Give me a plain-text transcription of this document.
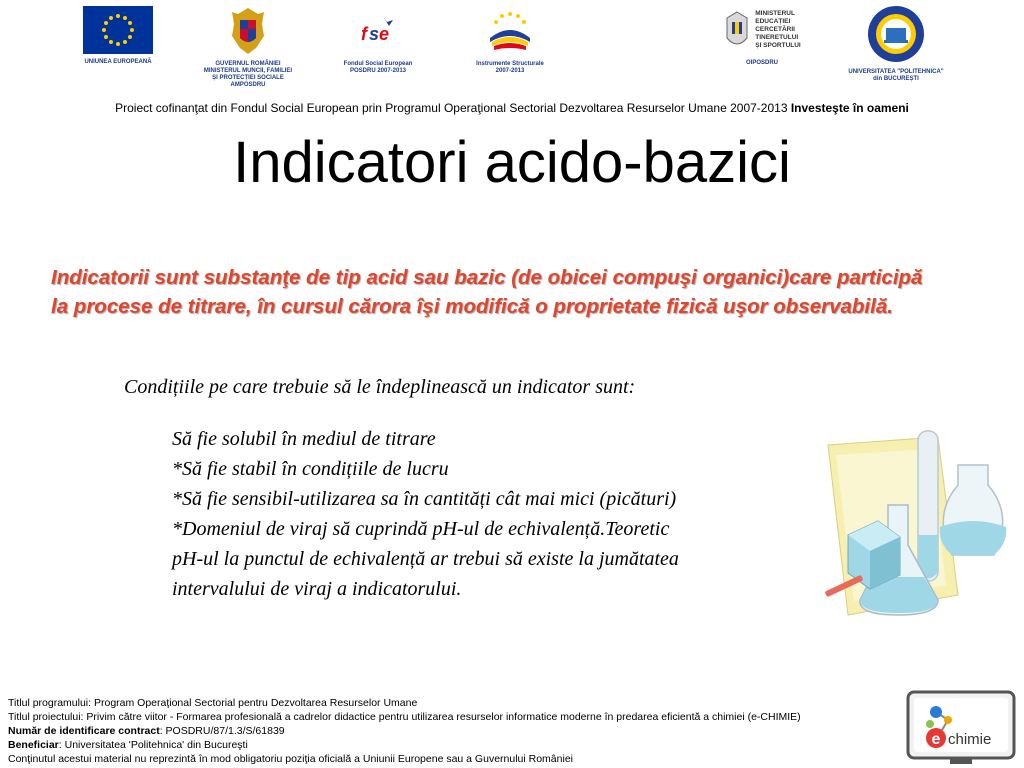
UNIUNEA EUROPEANĂ	GUVERNUL ROMÂNIEI
MINISTERUL MUNCII, FAMILIEI
ȘI PROTECȚIEI SOCIALE
AMPOSDRU
f s e
Fondul Social European
POSDRU 2007-2013
Instrumente Structurale
2007-2013
MINISTERUL
EDUCAȚIEI
CERCETĂRII
TINERETULUI
ȘI SPORTULUI
OIPOSDRU
UNIVERSITATEA "POLITEHNICA"
din BUCUREȘTI
Proiect cofinanţat din Fondul Social European prin Programul Operaţional Sectorial Dezvoltarea Resurselor Umane 2007-2013 Investeşte în oameni
Indicatori acido-bazici
Indicatorii sunt substanţe de tip acid sau bazic (de obicei compuşi organici)care participă la procese de titrare, în cursul cărora îşi modifică o proprietate fizică uşor observabilă.
Condițiile pe care trebuie să le îndeplinească un indicator sunt:
Să fie solubil în mediul de titrare
*Să fie stabil în condițiile de lucru
*Să fie sensibil-utilizarea sa în cantități cât mai mici (picături)
*Domeniul de viraj să cuprindă pH-ul de echivalență.Teoretic
pH-ul la punctul de echivalență ar trebui să existe la jumătatea
intervalului de viraj a indicatorului.
Titlul programului: Program Operaţional Sectorial pentru Dezvoltarea Resurselor Umane
Titlul proiectului: Privim către viitor - Formarea profesională a cadrelor didactice pentru utilizarea resurselor informatice moderne în predarea eficientă a chimiei (e-CHIMIE)
Număr de identificare contract: POSDRU/87/1.3/S/61839
Beneficiar: Universitatea 'Politehnica' din Bucureşti
Conţinutul acestui material nu reprezintă în mod obligatoriu poziţia oficială a Uniunii Europene sau a Guvernului României
e chimie
